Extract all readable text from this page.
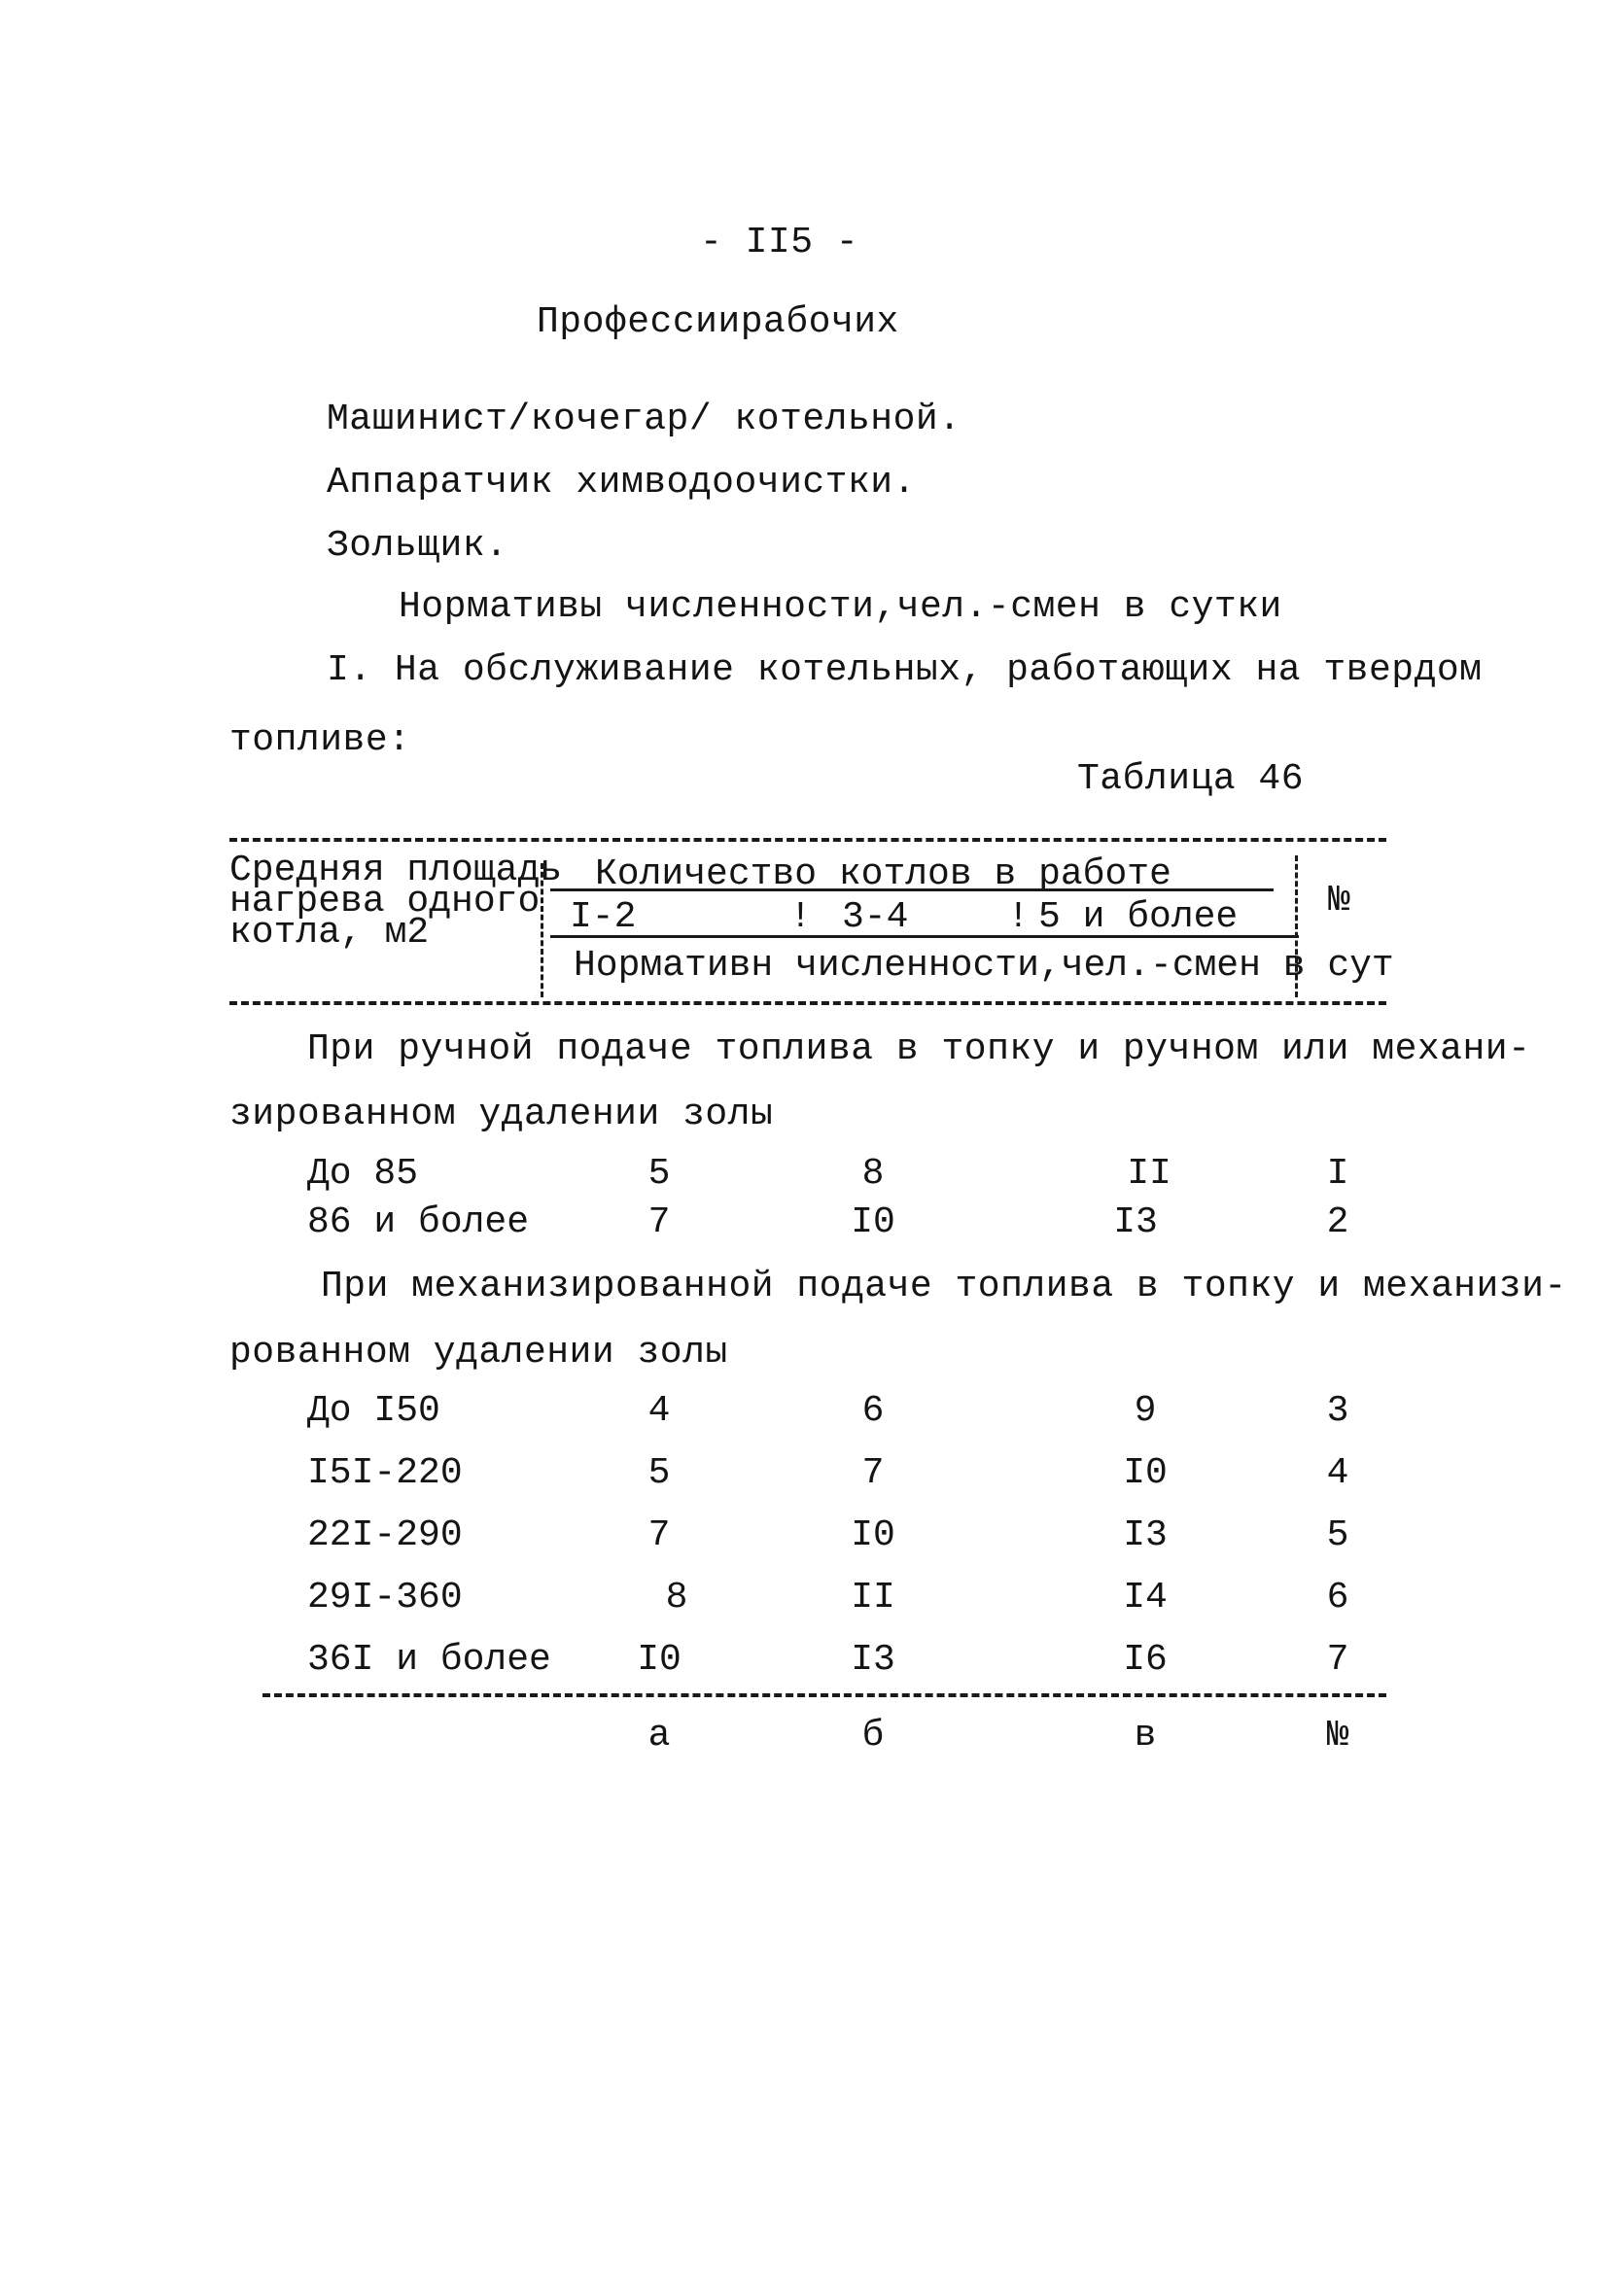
- II5 -
Профессиирабочих
Машинист/кочегар/ котельной.
Аппаратчик химводоочистки.
Зольщик.
Нормативы численности,чел.-смен в сутки
I. На обслуживание котельных, работающих на твердом
топливе:
Таблица 46
Средняя площадь
нагрева одного
котла, м2
Количество котлов в работе
I-2	! 3-4	! 5 и более
Нормативн численности,чел.-смен в сут
№
При ручной подаче топлива в топку и ручном или механи-
зированном удалении золы
До 85	5	8	II	I
86 и более	7	I0	I3	2
При механизированной подаче топлива в топку и механизи-
рованном удалении золы
До I50	4	6	9	3
I5I-220	5	7	I0	4
22I-290	7	I0	I3	5
29I-360	8	II	I4	6
36I и более	I0	I3	I6	7
а	б	в	№
